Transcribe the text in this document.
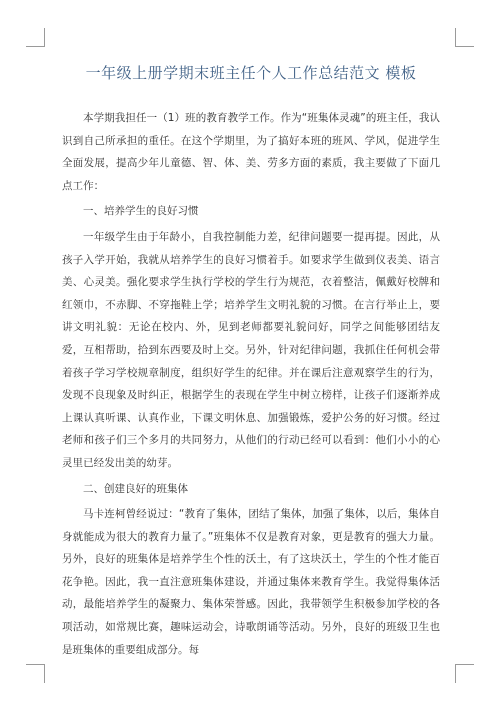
一年级上册学期末班主任个人工作总结范文 模板

本学期我担任一（1）班的教育教学工作。作为“班集体灵魂”的班主任，我认识到自己所承担的重任。在这个学期里，为了搞好本班的班风、学风，促进学生全面发展，提高少年儿童德、智、体、美、劳多方面的素质，我主要做了下面几点工作：

一、培养学生的良好习惯

一年级学生由于年龄小，自我控制能力差，纪律问题要一提再提。因此，从孩子入学开始，我就从培养学生的良好习惯着手。如要求学生做到仪表美、语言美、心灵美。强化要求学生执行学校的学生行为规范，衣着整洁，佩戴好校牌和红领巾，不赤脚、不穿拖鞋上学；培养学生文明礼貌的习惯。在言行举止上，要讲文明礼貌：无论在校内、外，见到老师都要礼貌问好，同学之间能够团结友爱，互相帮助，拾到东西要及时上交。另外，针对纪律问题，我抓住任何机会带着孩子学习学校规章制度，组织好学生的纪律。并在课后注意观察学生的行为，发现不良现象及时纠正，根据学生的表现在学生中树立榜样，让孩子们逐渐养成上课认真听课、认真作业，下课文明休息、加强锻炼，爱护公务的好习惯。经过老师和孩子们三个多月的共同努力，从他们的行动已经可以看到：他们小小的心灵里已经发出美的幼芽。

二、创建良好的班集体

马卡连柯曾经说过：“教育了集体，团结了集体，加强了集体，以后，集体自身就能成为很大的教育力量了。”班集体不仅是教育对象，更是教育的强大力量。另外，良好的班集体是培养学生个性的沃土，有了这块沃土，学生的个性才能百花争艳。因此，我一直注意班集体建设，并通过集体来教育学生。我觉得集体活动，最能培养学生的凝聚力、集体荣誉感。因此，我带领学生积极参加学校的各项活动，如常规比赛，趣味运动会，诗歌朗诵等活动。另外，良好的班级卫生也是班集体的重要组成部分。每
